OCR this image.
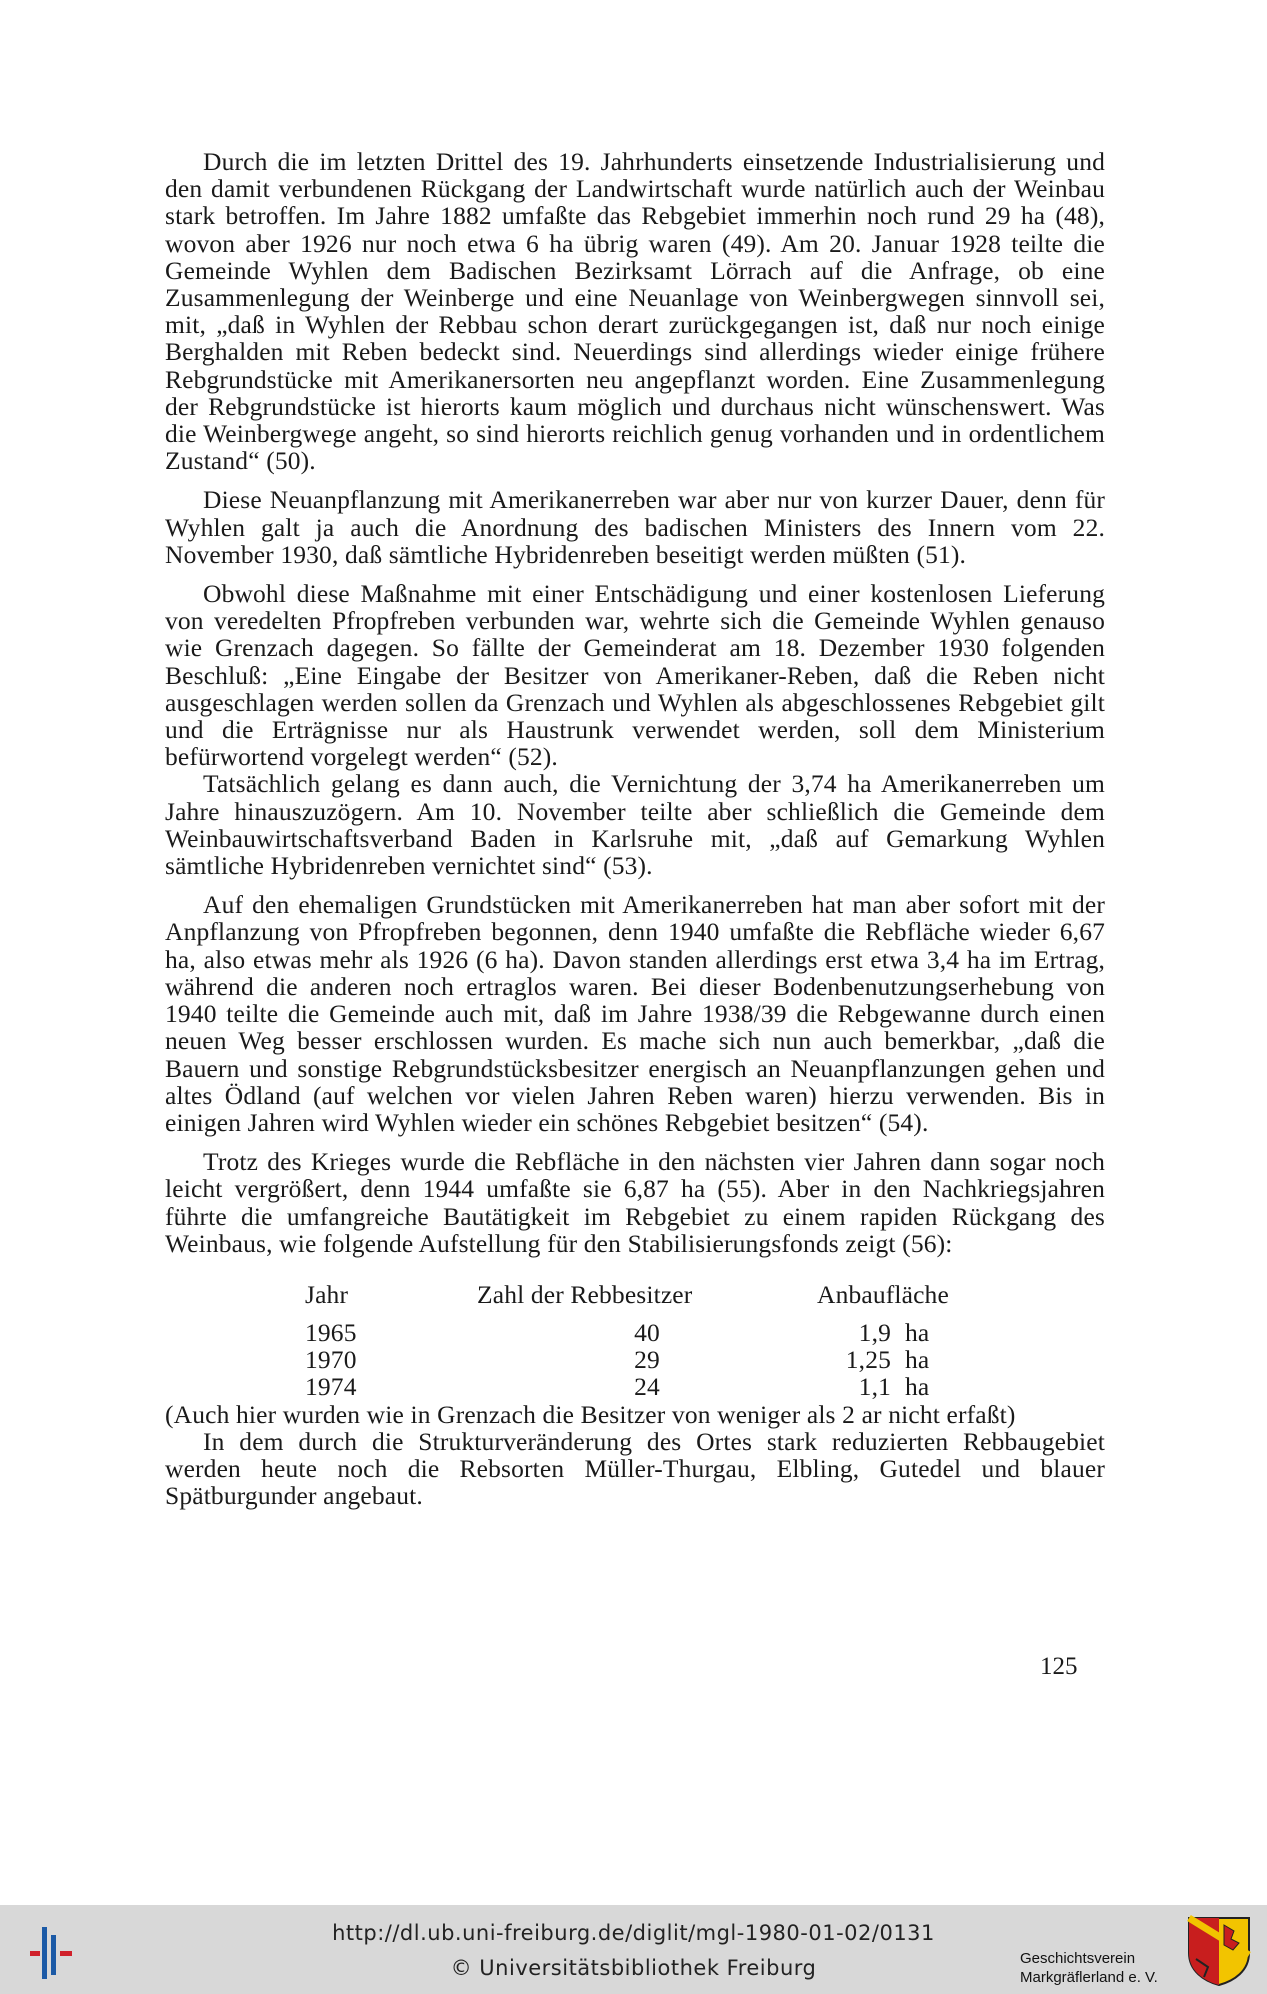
Durch die im letzten Drittel des 19. Jahrhunderts einsetzende Industrialisierung und den damit verbundenen Rückgang der Landwirtschaft wurde natürlich auch der Weinbau stark betroffen. Im Jahre 1882 umfaßte das Rebgebiet immerhin noch rund 29 ha (48), wovon aber 1926 nur noch etwa 6 ha übrig waren (49). Am 20. Januar 1928 teilte die Gemeinde Wyhlen dem Badischen Bezirksamt Lörrach auf die Anfrage, ob eine Zusammenlegung der Weinberge und eine Neuanlage von Weinbergwegen sinnvoll sei, mit, „daß in Wyhlen der Rebbau schon derart zurückgegangen ist, daß nur noch einige Berghalden mit Reben bedeckt sind. Neuerdings sind allerdings wieder einige frühere Rebgrundstücke mit Amerikanersorten neu angepflanzt worden. Eine Zusammenlegung der Rebgrundstücke ist hierorts kaum möglich und durchaus nicht wünschenswert. Was die Weinbergwege angeht, so sind hierorts reichlich genug vorhanden und in ordentlichem Zustand“ (50).

Diese Neuanpflanzung mit Amerikanerreben war aber nur von kurzer Dauer, denn für Wyhlen galt ja auch die Anordnung des badischen Ministers des Innern vom 22. November 1930, daß sämtliche Hybridenreben beseitigt werden müßten (51).

Obwohl diese Maßnahme mit einer Entschädigung und einer kostenlosen Lieferung von veredelten Pfropfreben verbunden war, wehrte sich die Gemeinde Wyhlen genauso wie Grenzach dagegen. So fällte der Gemeinderat am 18. Dezember 1930 folgenden Beschluß: „Eine Eingabe der Besitzer von Amerikaner-Reben, daß die Reben nicht ausgeschlagen werden sollen da Grenzach und Wyhlen als abgeschlossenes Rebgebiet gilt und die Erträgnisse nur als Haustrunk verwendet werden, soll dem Ministerium befürwortend vorgelegt werden“ (52).

Tatsächlich gelang es dann auch, die Vernichtung der 3,74 ha Amerikanerreben um Jahre hinauszuzögern. Am 10. November teilte aber schließlich die Gemeinde dem Weinbauwirtschaftsverband Baden in Karlsruhe mit, „daß auf Gemarkung Wyhlen sämtliche Hybridenreben vernichtet sind“ (53).

Auf den ehemaligen Grundstücken mit Amerikanerreben hat man aber sofort mit der Anpflanzung von Pfropfreben begonnen, denn 1940 umfaßte die Rebfläche wieder 6,67 ha, also etwas mehr als 1926 (6 ha). Davon standen allerdings erst etwa 3,4 ha im Ertrag, während die anderen noch ertraglos waren. Bei dieser Bodenbenutzungserhebung von 1940 teilte die Gemeinde auch mit, daß im Jahre 1938/39 die Rebgewanne durch einen neuen Weg besser erschlossen wurden. Es mache sich nun auch bemerkbar, „daß die Bauern und sonstige Rebgrundstücksbesitzer energisch an Neuanpflanzungen gehen und altes Ödland (auf welchen vor vielen Jahren Reben waren) hierzu verwenden. Bis in einigen Jahren wird Wyhlen wieder ein schönes Rebgebiet besitzen“ (54).

Trotz des Krieges wurde die Rebfläche in den nächsten vier Jahren dann sogar noch leicht vergrößert, denn 1944 umfaßte sie 6,87 ha (55). Aber in den Nachkriegsjahren führte die umfangreiche Bautätigkeit im Rebgebiet zu einem rapiden Rückgang des Weinbaus, wie folgende Aufstellung für den Stabilisierungsfonds zeigt (56):

Jahr	Zahl der Rebbesitzer	Anbaufläche
1965	40	1,9 ha
1970	29	1,25 ha
1974	24	1,1 ha

(Auch hier wurden wie in Grenzach die Besitzer von weniger als 2 ar nicht erfaßt)

In dem durch die Strukturveränderung des Ortes stark reduzierten Rebbaugebiet werden heute noch die Rebsorten Müller-Thurgau, Elbling, Gutedel und blauer Spätburgunder angebaut.

125
http://dl.ub.uni-freiburg.de/diglit/mgl-1980-01-02/0131
© Universitätsbibliothek Freiburg	Geschichtsverein
Markgräflerland e. V.
